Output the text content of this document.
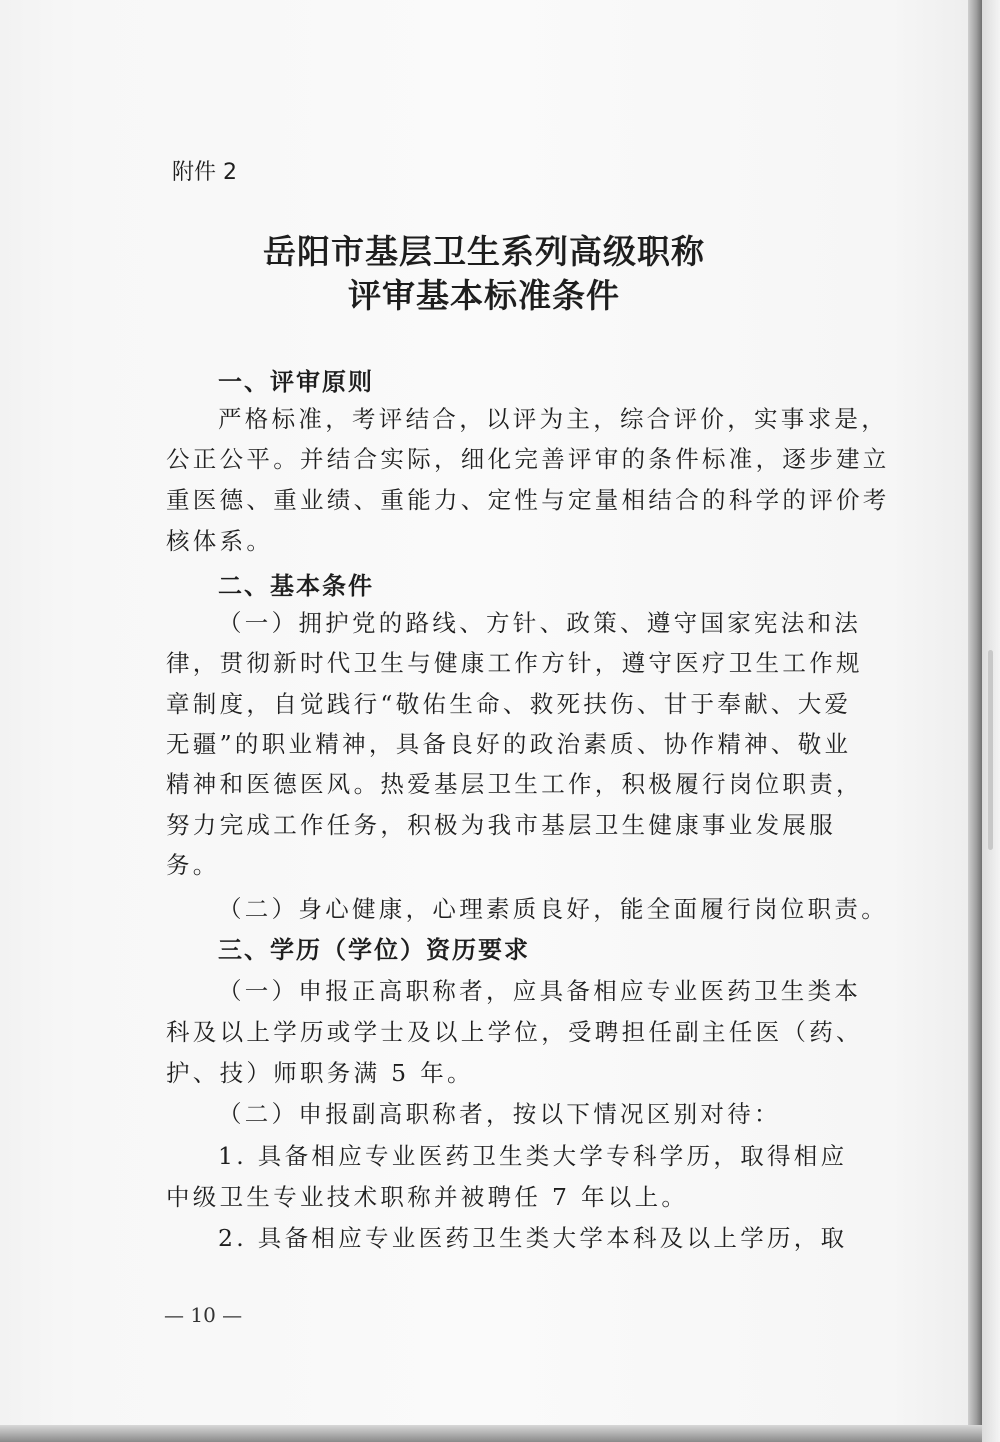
附件 2
岳阳市基层卫生系列高级职称
评审基本标准条件
一、评审原则
严格标准，考评结合，以评为主，综合评价，实事求是，
公正公平。并结合实际，细化完善评审的条件标准，逐步建立
重医德、重业绩、重能力、定性与定量相结合的科学的评价考
核体系。
二、基本条件
（一）拥护党的路线、方针、政策、遵守国家宪法和法
律，贯彻新时代卫生与健康工作方针，遵守医疗卫生工作规
章制度，自觉践行“敬佑生命、救死扶伤、甘于奉献、大爱
无疆”的职业精神，具备良好的政治素质、协作精神、敬业
精神和医德医风。热爱基层卫生工作，积极履行岗位职责，
努力完成工作任务，积极为我市基层卫生健康事业发展服
务。
（二）身心健康，心理素质良好，能全面履行岗位职责。
三、学历（学位）资历要求
（一）申报正高职称者，应具备相应专业医药卫生类本
科及以上学历或学士及以上学位，受聘担任副主任医（药、
护、技）师职务满 5 年。
（二）申报副高职称者，按以下情况区别对待：
1. 具备相应专业医药卫生类大学专科学历，取得相应
中级卫生专业技术职称并被聘任 7 年以上。
2. 具备相应专业医药卫生类大学本科及以上学历，取
— 10 —
